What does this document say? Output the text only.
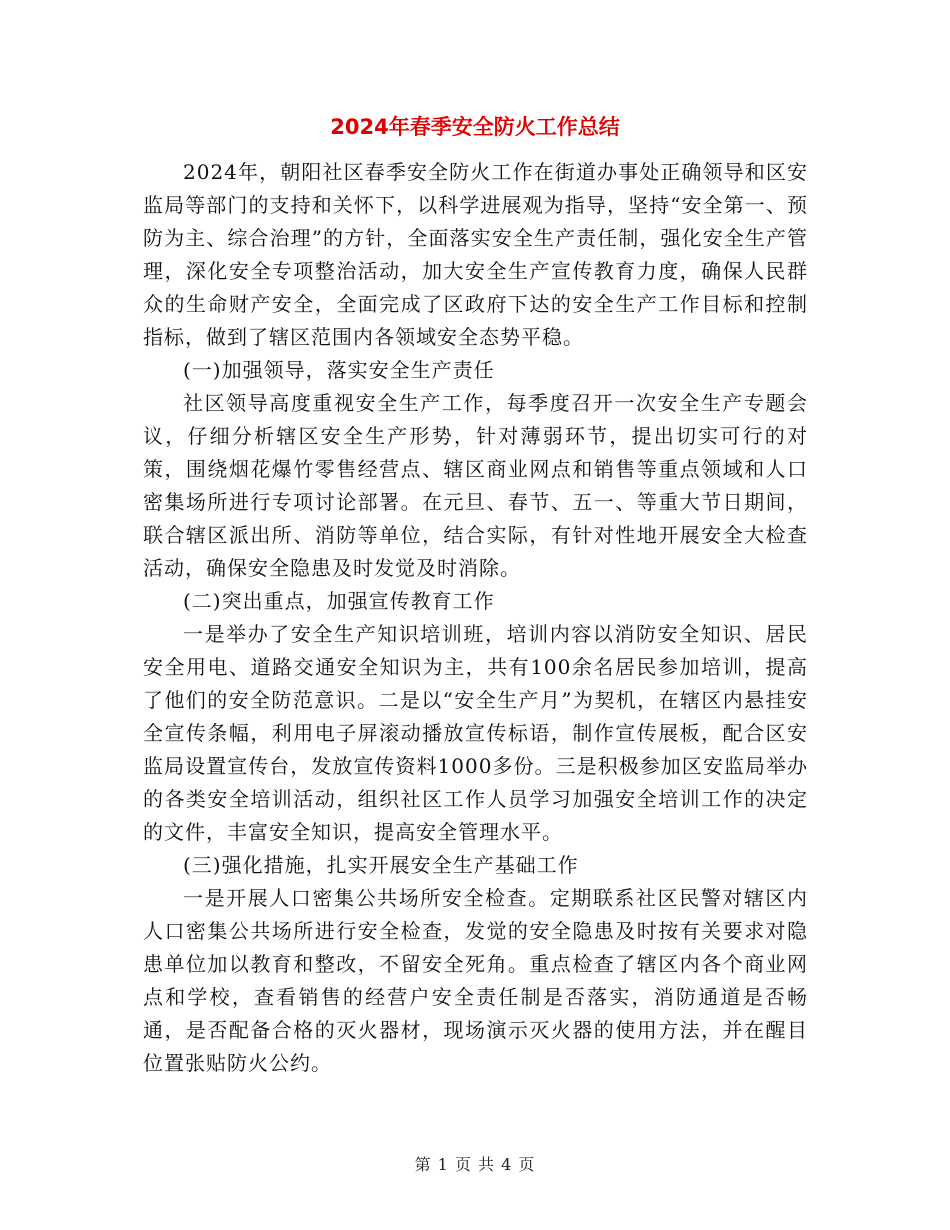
2024年春季安全防火工作总结

2024年，朝阳社区春季安全防火工作在街道办事处正确领导和区安监局等部门的支持和关怀下，以科学进展观为指导，坚持“安全第一、预防为主、综合治理”的方针，全面落实安全生产责任制，强化安全生产管理，深化安全专项整治活动，加大安全生产宣传教育力度，确保人民群众的生命财产安全，全面完成了区政府下达的安全生产工作目标和控制指标，做到了辖区范围内各领域安全态势平稳。

(一)加强领导，落实安全生产责任

社区领导高度重视安全生产工作，每季度召开一次安全生产专题会议，仔细分析辖区安全生产形势，针对薄弱环节，提出切实可行的对策，围绕烟花爆竹零售经营点、辖区商业网点和销售等重点领域和人口密集场所进行专项讨论部署。在元旦、春节、五一、等重大节日期间，联合辖区派出所、消防等单位，结合实际，有针对性地开展安全大检查活动，确保安全隐患及时发觉及时消除。

(二)突出重点，加强宣传教育工作

一是举办了安全生产知识培训班，培训内容以消防安全知识、居民安全用电、道路交通安全知识为主，共有100余名居民参加培训，提高了他们的安全防范意识。二是以“安全生产月”为契机，在辖区内悬挂安全宣传条幅，利用电子屏滚动播放宣传标语，制作宣传展板，配合区安监局设置宣传台，发放宣传资料1000多份。三是积极参加区安监局举办的各类安全培训活动，组织社区工作人员学习加强安全培训工作的决定的文件，丰富安全知识，提高安全管理水平。

(三)强化措施，扎实开展安全生产基础工作

一是开展人口密集公共场所安全检查。定期联系社区民警对辖区内人口密集公共场所进行安全检查，发觉的安全隐患及时按有关要求对隐患单位加以教育和整改，不留安全死角。重点检查了辖区内各个商业网点和学校，查看销售的经营户安全责任制是否落实，消防通道是否畅通，是否配备合格的灭火器材，现场演示灭火器的使用方法，并在醒目位置张贴防火公约。

第 1 页 共 4 页
